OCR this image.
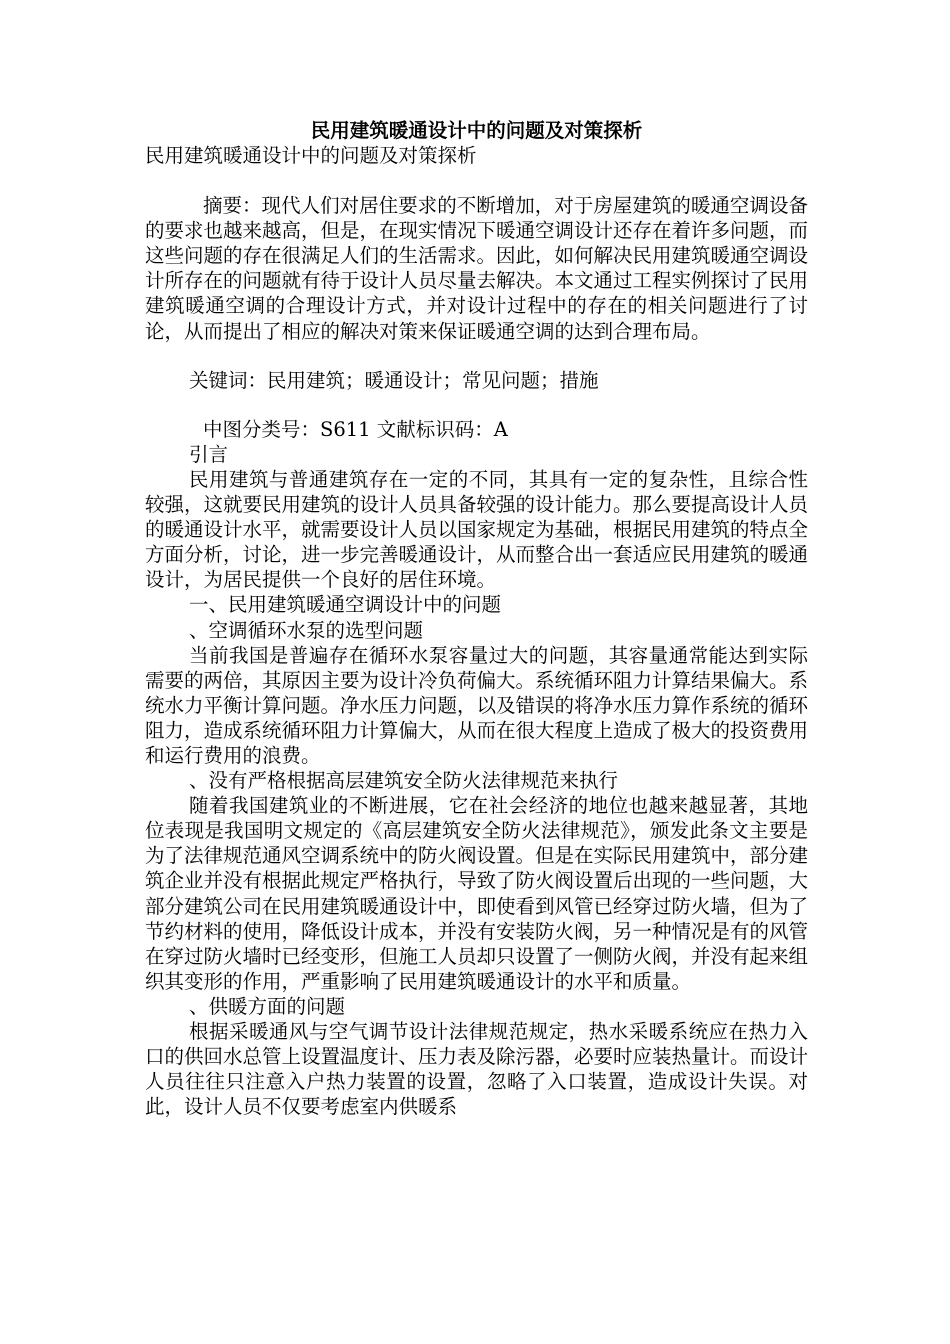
民用建筑暖通设计中的问题及对策探析

民用建筑暖通设计中的问题及对策探析

摘要：现代人们对居住要求的不断增加，对于房屋建筑的暖通空调设备的要求也越来越高，但是，在现实情况下暖通空调设计还存在着许多问题，而这些问题的存在很满足人们的生活需求。因此，如何解决民用建筑暖通空调设计所存在的问题就有待于设计人员尽量去解决。本文通过工程实例探讨了民用建筑暖通空调的合理设计方式，并对设计过程中的存在的相关问题进行了讨论，从而提出了相应的解决对策来保证暖通空调的达到合理布局。

关键词：民用建筑；暖通设计；常见问题；措施

中图分类号：S611 文献标识码：A

引言

民用建筑与普通建筑存在一定的不同，其具有一定的复杂性，且综合性较强，这就要民用建筑的设计人员具备较强的设计能力。那么要提高设计人员的暖通设计水平，就需要设计人员以国家规定为基础，根据民用建筑的特点全方面分析，讨论，进一步完善暖通设计，从而整合出一套适应民用建筑的暖通设计，为居民提供一个良好的居住环境。

一、民用建筑暖通空调设计中的问题

、空调循环水泵的选型问题

当前我国是普遍存在循环水泵容量过大的问题，其容量通常能达到实际需要的两倍，其原因主要为设计冷负荷偏大。系统循环阻力计算结果偏大。系统水力平衡计算问题。净水压力问题，以及错误的将净水压力算作系统的循环阻力，造成系统循环阻力计算偏大，从而在很大程度上造成了极大的投资费用和运行费用的浪费。

、没有严格根据高层建筑安全防火法律规范来执行

随着我国建筑业的不断进展，它在社会经济的地位也越来越显著，其地位表现是我国明文规定的《高层建筑安全防火法律规范》，颁发此条文主要是为了法律规范通风空调系统中的防火阀设置。但是在实际民用建筑中，部分建筑企业并没有根据此规定严格执行，导致了防火阀设置后出现的一些问题，大部分建筑公司在民用建筑暖通设计中，即使看到风管已经穿过防火墙，但为了节约材料的使用，降低设计成本，并没有安装防火阀，另一种情况是有的风管在穿过防火墙时已经变形，但施工人员却只设置了一侧防火阀，并没有起来组织其变形的作用，严重影响了民用建筑暖通设计的水平和质量。

、供暖方面的问题

根据采暖通风与空气调节设计法律规范规定，热水采暖系统应在热力入口的供回水总管上设置温度计、压力表及除污器，必要时应装热量计。而设计人员往往只注意入户热力装置的设置，忽略了入口装置，造成设计失误。对此，设计人员不仅要考虑室内供暖系
